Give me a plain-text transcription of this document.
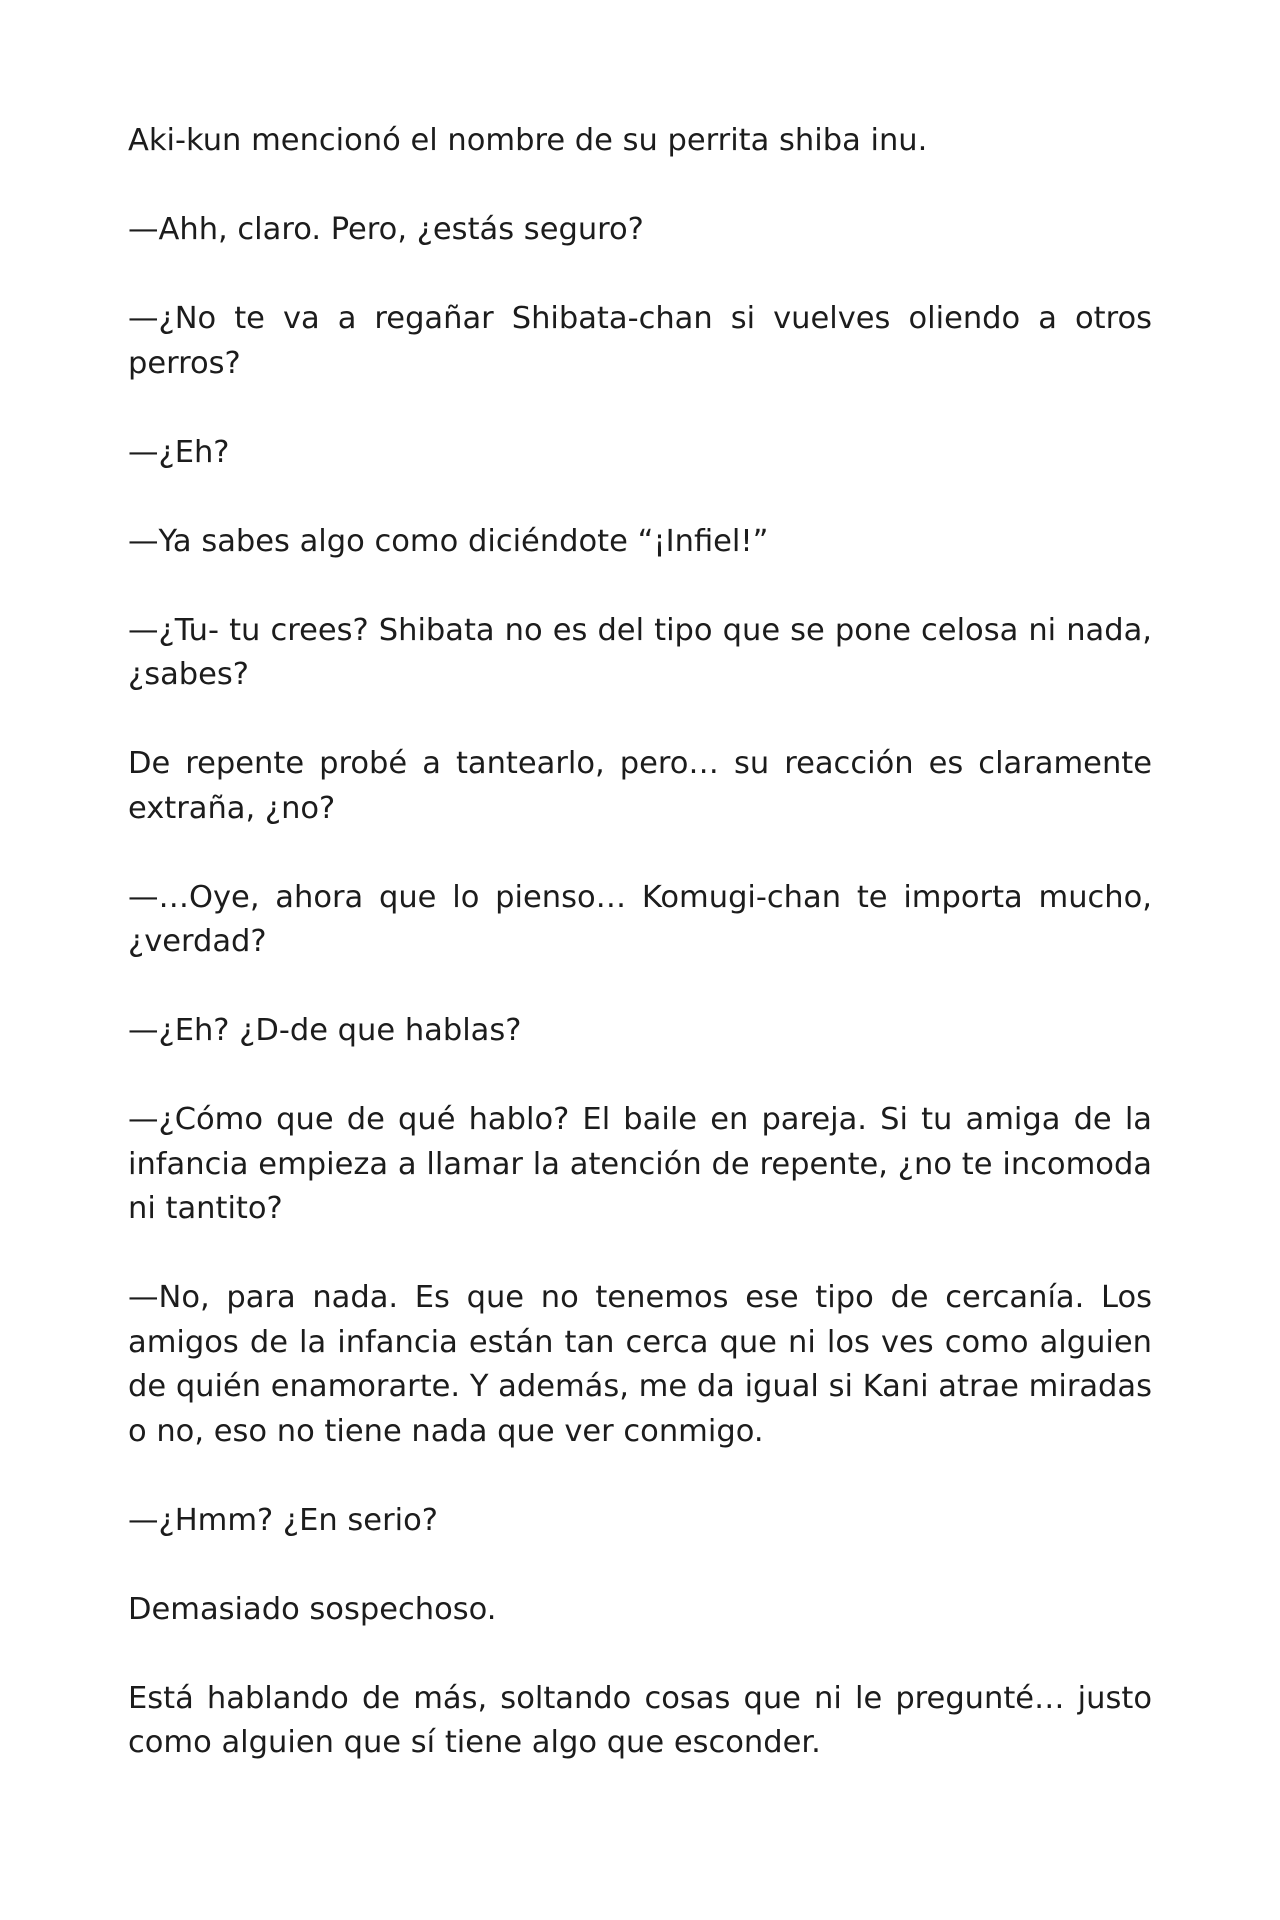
Aki-kun mencionó el nombre de su perrita shiba inu.

—Ahh, claro. Pero, ¿estás seguro?

—¿No te va a regañar Shibata-chan si vuelves oliendo a otros perros?

—¿Eh?

—Ya sabes algo como diciéndote “¡Infiel!”

—¿Tu- tu crees? Shibata no es del tipo que se pone celosa ni nada, ¿sabes?

De repente probé a tantearlo, pero… su reacción es claramente extraña, ¿no?

—…Oye, ahora que lo pienso… Komugi-chan te importa mucho, ¿verdad?

—¿Eh? ¿D-de que hablas?

—¿Cómo que de qué hablo? El baile en pareja. Si tu amiga de la infancia empieza a llamar la atención de repente, ¿no te incomoda ni tantito?

—No, para nada. Es que no tenemos ese tipo de cercanía. Los amigos de la infancia están tan cerca que ni los ves como alguien de quién enamorarte. Y además, me da igual si Kani atrae miradas o no, eso no tiene nada que ver conmigo.

—¿Hmm? ¿En serio?

Demasiado sospechoso.

Está hablando de más, soltando cosas que ni le pregunté… justo como alguien que sí tiene algo que esconder.
